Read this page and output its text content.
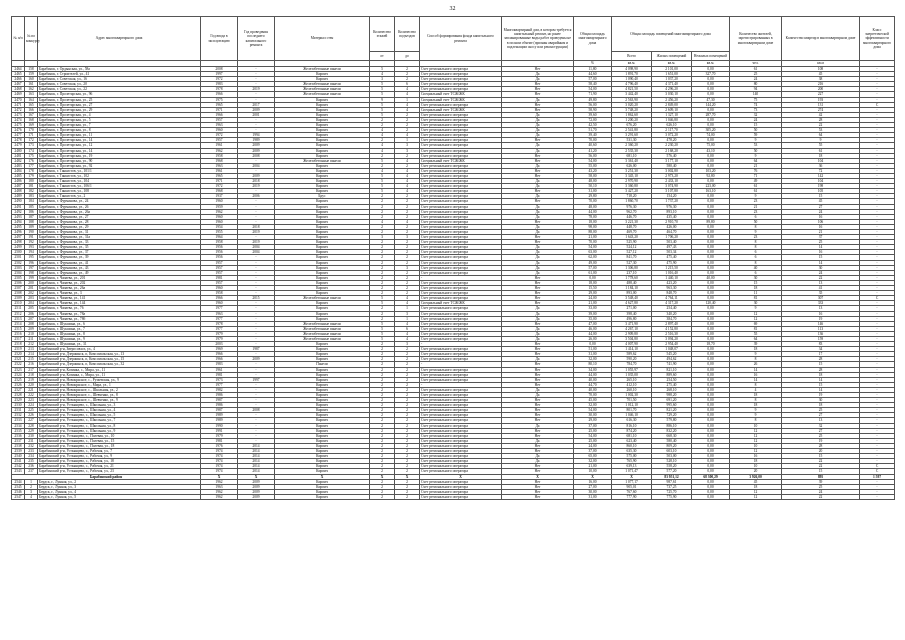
32
№ п/п	№ по конкурсу	Адрес многоквартирного дома	Год ввода в эксплуатацию	Год проведения последнего капитального ремонта	Материал стен	Количество этажей	Количество подъездов	Способ формирования фонда капитального ремонта	Многоквартирный дом, в котором требуется капитальный ремонт, но ранее запланированные виды работ проведены не в полном объеме (признан аварийным и подлежащим сносу или реконструкции)	Общая площадь многоквартирного дома	Общая площадь помещений многоквартирного дома			Количество жителей, зарегистрированных в многоквартирном доме	Количество квартир в многоквартирном доме	Класс энергетической эффективности многоквартирного дома	
						от	до				Всего	Жилых помещений	Нежилых помещений				
										%	кв.м.	кв.м.	кв.м.	чел.	кв.м		
2464	158	Барабинск, г. Ордынская, ул., 58а	2008	-	Железобетонные панели	5	2	Счет регионального оператора	Нет	11,80	4 098,90	2 101,00	0,00	61	108	-	
2465	159	Барабинск, г. Строителей, ул., 41	1997	-	Кирпич	4	2	Счет регионального оператора	Да	44,60	1 891,70	1 651,00	327,70	25	45	-	
2466	160	Барабинск, г. Советская, ул., 16	1972	-	Кирпич	3	2	Счет регионального оператора	Да	57,00	1 090,40	1 037,20	0,00	24	38	-	
2467	161	Барабинск, г. Советская, ул., 20	1983	-	Железобетонные панели	5	6	Счет регионального оператора	Нет	58,40	4 796,40	4 371,40	0,00	80	216	-	
2468	162	Барабинск, г. Советская, ул., 22	1978	2019	Железобетонные панели	5	4	Счет регионального оператора	Нет	54,00	4 821,50	4 296,20	0,00	94	200	-	
2469	163	Барабинск, г. Пролетарская, ул., 96	1966	-	Железобетонные панели	5	4	Специальный счет ТСЖ/ЖК	Нет	71,90	3 442,40	3 030,10	0,00	140	227	-	
2470	164	Барабинск, г. Пролетарская, ул., 25	1975	-	Кирпич	9	1	Специальный счет ТСЖ/ЖК	Да	49,80	2 563,90	2 456,20	47,30	75	193	-	
2471	165	Барабинск, г. Пролетарская, ул., 27	1965	2017	Кирпич	5	4	Счет регионального оператора	Нет	56,00	3 020,20	2 849,00	144,20	74	131	С	
2472	166	Барабинск, г. Пролетарская, ул., 29	1971	2009	Кирпич	5	4	Специальный счет ТСЖ/ЖК	Нет	58,90	3 748,20	2 609,10	0,00	73	274	-	
2473	167	Барабинск, г. Пролетарская, ул., 4	1966	2001	Кирпич	5	2	Счет регионального оператора	Да	39,60	1 862,60	1 327,10	287,70	32	42	-	
2474	168	Барабинск, г. Пролетарская, ул., 5	1957	-	Кирпич	2	2	Счет регионального оператора	Да	72,00	1 200,20	1 046,80	0,00	24	28	-	
2475	169	Барабинск, г. Пролетарская, ул., 7	1963	-	Кирпич	2	2	Счет регионального оператора	Да	42,50	676,20	626,10	0,00	15	22	-	
2476	170	Барабинск, г. Пролетарская, ул., 8	1960	-	Кирпич	4	2	Счет регионального оператора	Да	51,70	2 541,80	2 117,70	305,20	50	53	-	
2477	171	Барабинск, г. Пролетарская, ул., 11	1972	1994	Кирпич	4	4	Счет регионального оператора	Да	39,40	3 291,60	3 072,20	74,00	59	64	-	
2478	172	Барабинск, г. Пролетарская, ул., 14	1957	1989	Кирпич	2	1	Счет регионального оператора	Нет	70,00	531,30	478,20	0,00	9	9	-	
2479	173	Барабинск, г. Пролетарская, ул., 12	1961	2009	Кирпич	4	3	Счет регионального оператора	Да	40,60	2 360,20	2 230,20	75,00	53	55	-	
2480	174	Барабинск, г. Пролетарская, ул., 14	1962	2009	Кирпич	4	3	Счет регионального оператора	Да	41,20	2 535,30	2 168,20	43,10	50	61	-	
2481	175	Барабинск, г. Пролетарская, ул., 19	1958	2008	Кирпич	2	2	Счет регионального оператора	Нет	56,00	681,10	576,40	0,00	9	18	-	
2482	176	Барабинск, г. Пролетарская, ул., 90	1968	-	Железобетонные панели	5	4	Специальный счет ТСЖ/ЖК	Нет	54,00	3 361,40	3 177,10	0,00	64	104	-	
2483	177	Барабинск, г. Пролетарская, ул., 92	1963	2004	Кирпич	2	2	Счет регионального оператора	Да	55,00	626,00	580,40	0,00	21	36	-	
2484	178	Барабинск, г. Танкистов, ул., 101/1	1961	-	Кирпич	4	4	Счет регионального оператора	Нет	43,20	3 251,30	3 002,80	103,20	76	72	-	
2485	179	Барабинск, г. Танкистов, ул., 102	1965	2009	Кирпич	5	4	Счет регионального оператора	Нет	58,00	3 345,10	2 973,20	92,80	71	142	-	
2486	180	Барабинск, г. Танкистов, ул., 104	1971	2018	Кирпич	5	4	Счет регионального оператора	Да	48,00	2 970,90	2 433,10	0,00	49	104	-	
2487	181	Барабинск, г. Танкистов, ул., 106/1	1972	2019	Кирпич	5	4	Счет регионального оператора	Да	50,10	3 360,80	3 074,90	223,00	61	198	-	
2488	182	Барабинск, г. Танкистов, ул., 108	1968	-	Кирпич	5	4	Счет регионального оператора	Нет	31,00	3 427,20	3 107,80	163,10	61	105	-	
2489	183	Барабинск, г. Танкистов, ул., 2	1937	2006	Брус	2	2	Счет регионального оператора	Да	29,80	718,20	154,20	0,00	9	15	-	
2490	184	Барабинск, г. Фурманова, ул., 24	1960	-	Кирпич	2	2	Счет регионального оператора	Нет	70,00	1 860,70	1 737,20	0,00	23	45	-	
2491	185	Барабинск, г. Фурманова, ул., 26	1959	-	Кирпич	2	2	Счет регионального оператора	Да	48,00	976,30	976,30	0,00	21	27	-	
2492	186	Барабинск, г. Фурманова, ул., 26а	1962	-	Кирпич	2	2	Счет регионального оператора	Да	44,00	962,70	893,10	0,00	23	24	-	
2493	187	Барабинск, г. Фурманова, ул., 27	1960	-	Кирпич	2	2	Счет регионального оператора	Да	78,00	446,70	435,40	0,00	6	16	-	
2494	188	Барабинск, г. Фурманова, ул., 28	1960	-	Кирпич	4	4	Счет регионального оператора	Нет	18,00	3 221,30	2 910,70	89,80	50	106	-	
2495	189	Барабинск, г. Фурманова, ул., 29	1954	2018	Кирпич	2	2	Счет регионального оператора	Да	98,00	448,70	426,00	0,00	8	16	-	
2496	190	Барабинск, г. Фурманова, ул., 31	1955	2019	Кирпич	2	2	Счет регионального оператора	Да	88,00	469,70	464,70	0,00	9	21	-	
2497	191	Барабинск, г. Фурманова, ул., 31а	1964	-	Кирпич	3	3	Счет регионального оператора	Нет	21,00	1 643,20	1 706,20	0,00	23	37	-	
2498	192	Барабинск, г. Фурманова, ул., 33	1958	2019	Кирпич	2	2	Счет регионального оператора	Нет	70,00	525,90	503,40	0,00	8	25	-	
2499	193	Барабинск, г. Фурманова, ул., 35	1956	2004	Кирпич	2	2	Счет регионального оператора	Да	54,00	524,12	497,43	0,00	8	14	-	
2500	194	Барабинск, г. Фурманова, ул., 37	1956	2004	Кирпич	2	2	Счет регионального оператора	Да	63,00	527,12	503,34	0,00	6	16	-	
2501	195	Барабинск, г. Фурманова, ул., 39	1956	-	Кирпич	2	2	Счет регионального оператора	Да	62,00	841,70	475,40	0,00	6	15	-	
2502	196	Барабинск, г. Фурманова, ул., 41	1957	-	Кирпич	2	2	Счет регионального оператора	Да	49,00	527,30	475,90	0,00	8	14	-	
2503	197	Барабинск, г. Фурманова, ул., 43	1957	-	Кирпич	2	3	Счет регионального оператора	Да	57,00	1 306,80	1 215,50	0,00	40	30	-	
2504	198	Барабинск, г. Фурманова, ул., 49	1957	-	Кирпич	2	2	Счет регионального оператора	Да	61,00	237,10	1 016,40	0,00	6	24	-	
2505	199	Барабинск, г. Чапаева, ул., 201	1981	-	Кирпич	2	2	-	Нет	0,00	1 778,60	1 440,10	40,00	30	22	-	
2506	200	Барабинск, г. Чапаева, ул., 202	1957	-	Кирпич	2	2	Счет регионального оператора	Нет	18,00	488,40	423,20	0,00	15	13	-	
2507	201	Барабинск, г. Чапаева, ул., 26а	1960	-	Кирпич	2	2	Счет регионального оператора	Нет	15,50	1 184,10	963,30	0,00	18	41	-	
2508	202	Барабинск, г. Чапаева, ул., 3	1958	-	Кирпич	2	2	Счет регионального оператора	Нет	29,00	893,00	848,70	0,00	11	35	-	
2509	203	Барабинск, г. Чапаева, ул., 141	1966	2015	Железобетонные панели	5	4	Счет регионального оператора	Нет	24,00	3 548,40	4 764,11	0,00	81	307	С	
2510	204	Барабинск, г. Чапаева, ул., 144	1960	-	Кирпич	5	4	Специальный счет ТСЖ/ЖК	Нет	21,00	4 627,80	4 317,20	120,40	30	333	-	
2511	205	Барабинск, г. Чапаева, ул., 76	1977	-	Кирпич	2	1	Счет регионального оператора	Да	33,00	271,00	254,40	0,00	9	13	-	
2512	206	Барабинск, г. Чапаева, ул., 78а	1963	-	Кирпич	2	3	Счет регионального оператора	Да	39,00	398,40	340,20	0,00	12	16	-	
2513	207	Барабинск, г. Чапаева, ул., 78б	1977	-	Кирпич	2	1	Счет регионального оператора	Да	35,00	496,80	384,70	0,00	12	19	-	
2514	208	Барабинск, г. Шукшина, ул., 6	1978	-	Железобетонные панели	5	4	Счет регионального оператора	Нет	47,00	3 471,90	2 897,40	0,00	69	146	-	
2515	209	Барабинск, г. Шукшина, ул., 7	1977	-	Железобетонные панели	5	6	Счет регионального оператора	Да	46,00	4 267,10	4 152,80	0,00	81	113	-	
2516	210	Барабинск, г. Шукшина, ул., 8	1979	-	Железобетонные панели	5	4	Счет регионального оператора	Да	44,00	2 909,80	2 516,30	0,00	55	136	-	
2517	211	Барабинск, г. Шукшина, ул., 9	1979	-	Железобетонные панели	5	4	Счет регионального оператора	Да	26,00	3 504,80	3 094,20	0,00	64	159	-	
2518	212	Барабинск, г. Шукшина, ул., 31	2003	-	Кирпич	2	3	-	Нет	0,00	4 007,90	2 954,40	18,70	39	83	-	
2519	213	Барабинский р-н, Зверосовхоз, ул., 4	1969	1987	Кирпич	2	2	Счет регионального оператора	Нет	51,00	1 414,10	1 048,07	0,00	18	34	-	
2520	214	Барабинский р-н, Дзержинск, п, Комсомольская, ул., 13	1966	-	Кирпич	2	2	Счет регионального оператора	Нет	31,00	589,62	545,20	0,00	9	17	-	
2521	215	Барабинский р-н, Дзержинск, п, Комсомольская, ул., 15	1966	2009	Кирпич	2	2	Счет регионального оператора	Да	32,00	590,20	494,62	0,00	8	28	-	
2522	216	Барабинский р-н, Дзержинск, п, Комсомольская, ул., 32	1983	-	Панели	2	2	-	Нет	80,10	784,70	741,90	0,00	26	15	-	
2523	217	Барабинский р-н, Козинка, с., Мира, ул., 11	1961	-	Кирпич	2	2	Счет регионального оператора	Нет	34,00	1 055,97	821,10	0,00	14	28	-	
2524	218	Барабинский р-н, Козинка, с., Мира, ул., 11	1981	-	Кирпич	2	2	Счет регионального оператора	Нет	44,00	1 035,00	889,60	0,00	16	18	-	
2525	219	Барабинский р-н, Новокрасное, с., Рузаевская, ул., 9	1973	1997	Кирпич	2	2	Счет регионального оператора	Нет	40,00	265,10	254,50	0,00	14	14	-	
2526	220	Барабинский р-н, Новокрасное, с., Мира, ул., 1	1977	-	Кирпич	2	2	-	Нет	44,70	412,10	275,40	0,00	8	15	-	
2527	221	Барабинский р-н, Новокрасное, с., Школьная, ул., 2	1982	-	Кирпич	2	2	Счет регионального оператора	Да	40,00	260,10	268,10	0,00	4	14	-	
2528	222	Барабинский р-н, Новокрасное, с., Шевченко, ул., 8	1986	-	Кирпич	2	2	Счет регионального оператора	Да	70,00	1 002,30	988,20	0,00	18	19	-	
2529	223	Барабинский р-н, Новокрасное, с., Шевченко, ул., 9	1987	-	Кирпич	2	2	Счет регионального оператора	Нет	45,00	701,50	691,20	0,00	8	30	-	
2530	224	Барабинский р-н, Устьянцево, с., Школьная, ул., 3	1986	-	Кирпич	2	2	Счет регионального оператора	Нет	32,00	1 012,10	995,60	0,00	18	18	-	
2531	225	Барабинский р-н, Устьянцево, с., Школьная, ул., 4	1987	2008	Кирпич	2	2	Счет регионального оператора	Нет	54,00	801,70	821,20	0,00	9	25	-	
2532	226	Барабинский р-н, Устьянцево, с., Школьная, ул., 5	1989	-	Кирпич	2	2	Счет регионального оператора	Нет	30,00	1 046,10	729,20	0,00	9	27	-	
2533	227	Барабинский р-н, Устьянцево, с., Школьная, ул., 7	1989	-	Кирпич	2	2	Счет регионального оператора	Нет	29,00	616,30	579,80	0,00	8	13	-	
2534	228	Барабинский р-н, Устьянцево, с., Школьная, ул., 8	1990	-	Кирпич	2	2	Счет регионального оператора	Да	37,00	816,10	886,10	0,00	10	32	-	
2535	229	Барабинский р-н, Устьянцево, с., Школьная, ул., 9	1991	-	Кирпич	2	2	Счет регионального оператора	Нет	25,00	874,20	832,20	0,00	12	27	-	
2536	230	Барабинский р-н, Устьянцево, с., Полевая, ул., 10	1979	-	Кирпич	2	2	Счет регионального оператора	Нет	54,00	681,10	668,30	0,00	12	25	-	
2537	231	Барабинский р-н, Устьянцево, с., Полевая, ул., 15	1981	-	Кирпич	2	2	Счет регионального оператора	Да	25,00	623,40	580,40	0,00	12	19	-	
2538	232	Барабинский р-н, Устьянцево, с., Полевая, ул., 18	1976	2014	Кирпич	2	2	Счет регионального оператора	Нет	24,00	860,10	809,20	0,00	10	28	-	
2539	233	Барабинский р-н, Устьянцево, с., Рабочая, ул., 7	1974	2014	Кирпич	2	2	Счет регионального оператора	Нет	37,00	635,30	603,10	0,00	12	20	-	
2540	234	Барабинский р-н, Устьянцево, с., Рабочая, ул., 9	1974	2014	Кирпич	2	2	Счет регионального оператора	Да	65,00	575,00	503,00	0,00	16	15	-	
2541	235	Барабинский р-н, Устьянцево, с., Рабочая, ул., 18	1974	2014	Кирпич	2	2	Счет регионального оператора	Да	32,00	765,90	528,10	0,00	18	22	-	
2542	236	Барабинский р-н, Устьянцево, с., Рабочая, ул., 21	1974	2014	Кирпич	2	2	Счет регионального оператора	Нет	21,00	639,13	558,20	0,00	10	22	С	
2543	237	Барабинский р-н, Устьянцево, с., Рабочая, ул., 23	1974	2014	Кирпич	2	2	Счет регионального оператора	Нет	10,00	1 071,47	577,20	0,00	20	15	С	
Барабинский район			Х	Х	Х	Х	Х	Х	Х	Х	Х	83 951,12	68 300,29	3 926,00	895	1 597	
2544	1	Бердск, г., Лунная, ул., 2	1962	2009	Кирпич	2	2	Счет регионального оператора	Нет	16,00	1 077,17	987,61	0,00	45	39	-	
2545	2	Бердск, г., Лунная, ул., 3	1963	2009	Кирпич	2	2	Счет регионального оператора	Нет	27,00	905,01	737,25	0,00	18	25	-	
2546	3	Бердск, г., Лунная, ул., 4	1962	2009	Кирпич	2	2	Счет регионального оператора	Нет	30,00	767,60	725,70	0,00	12	24	-	
2547	4	Бердск, г., Лунная, ул., 5	1962	2009	Кирпич	2	2	Счет регионального оператора	Нет	31,00	777,90	775,90	0,00	12	22	-	
